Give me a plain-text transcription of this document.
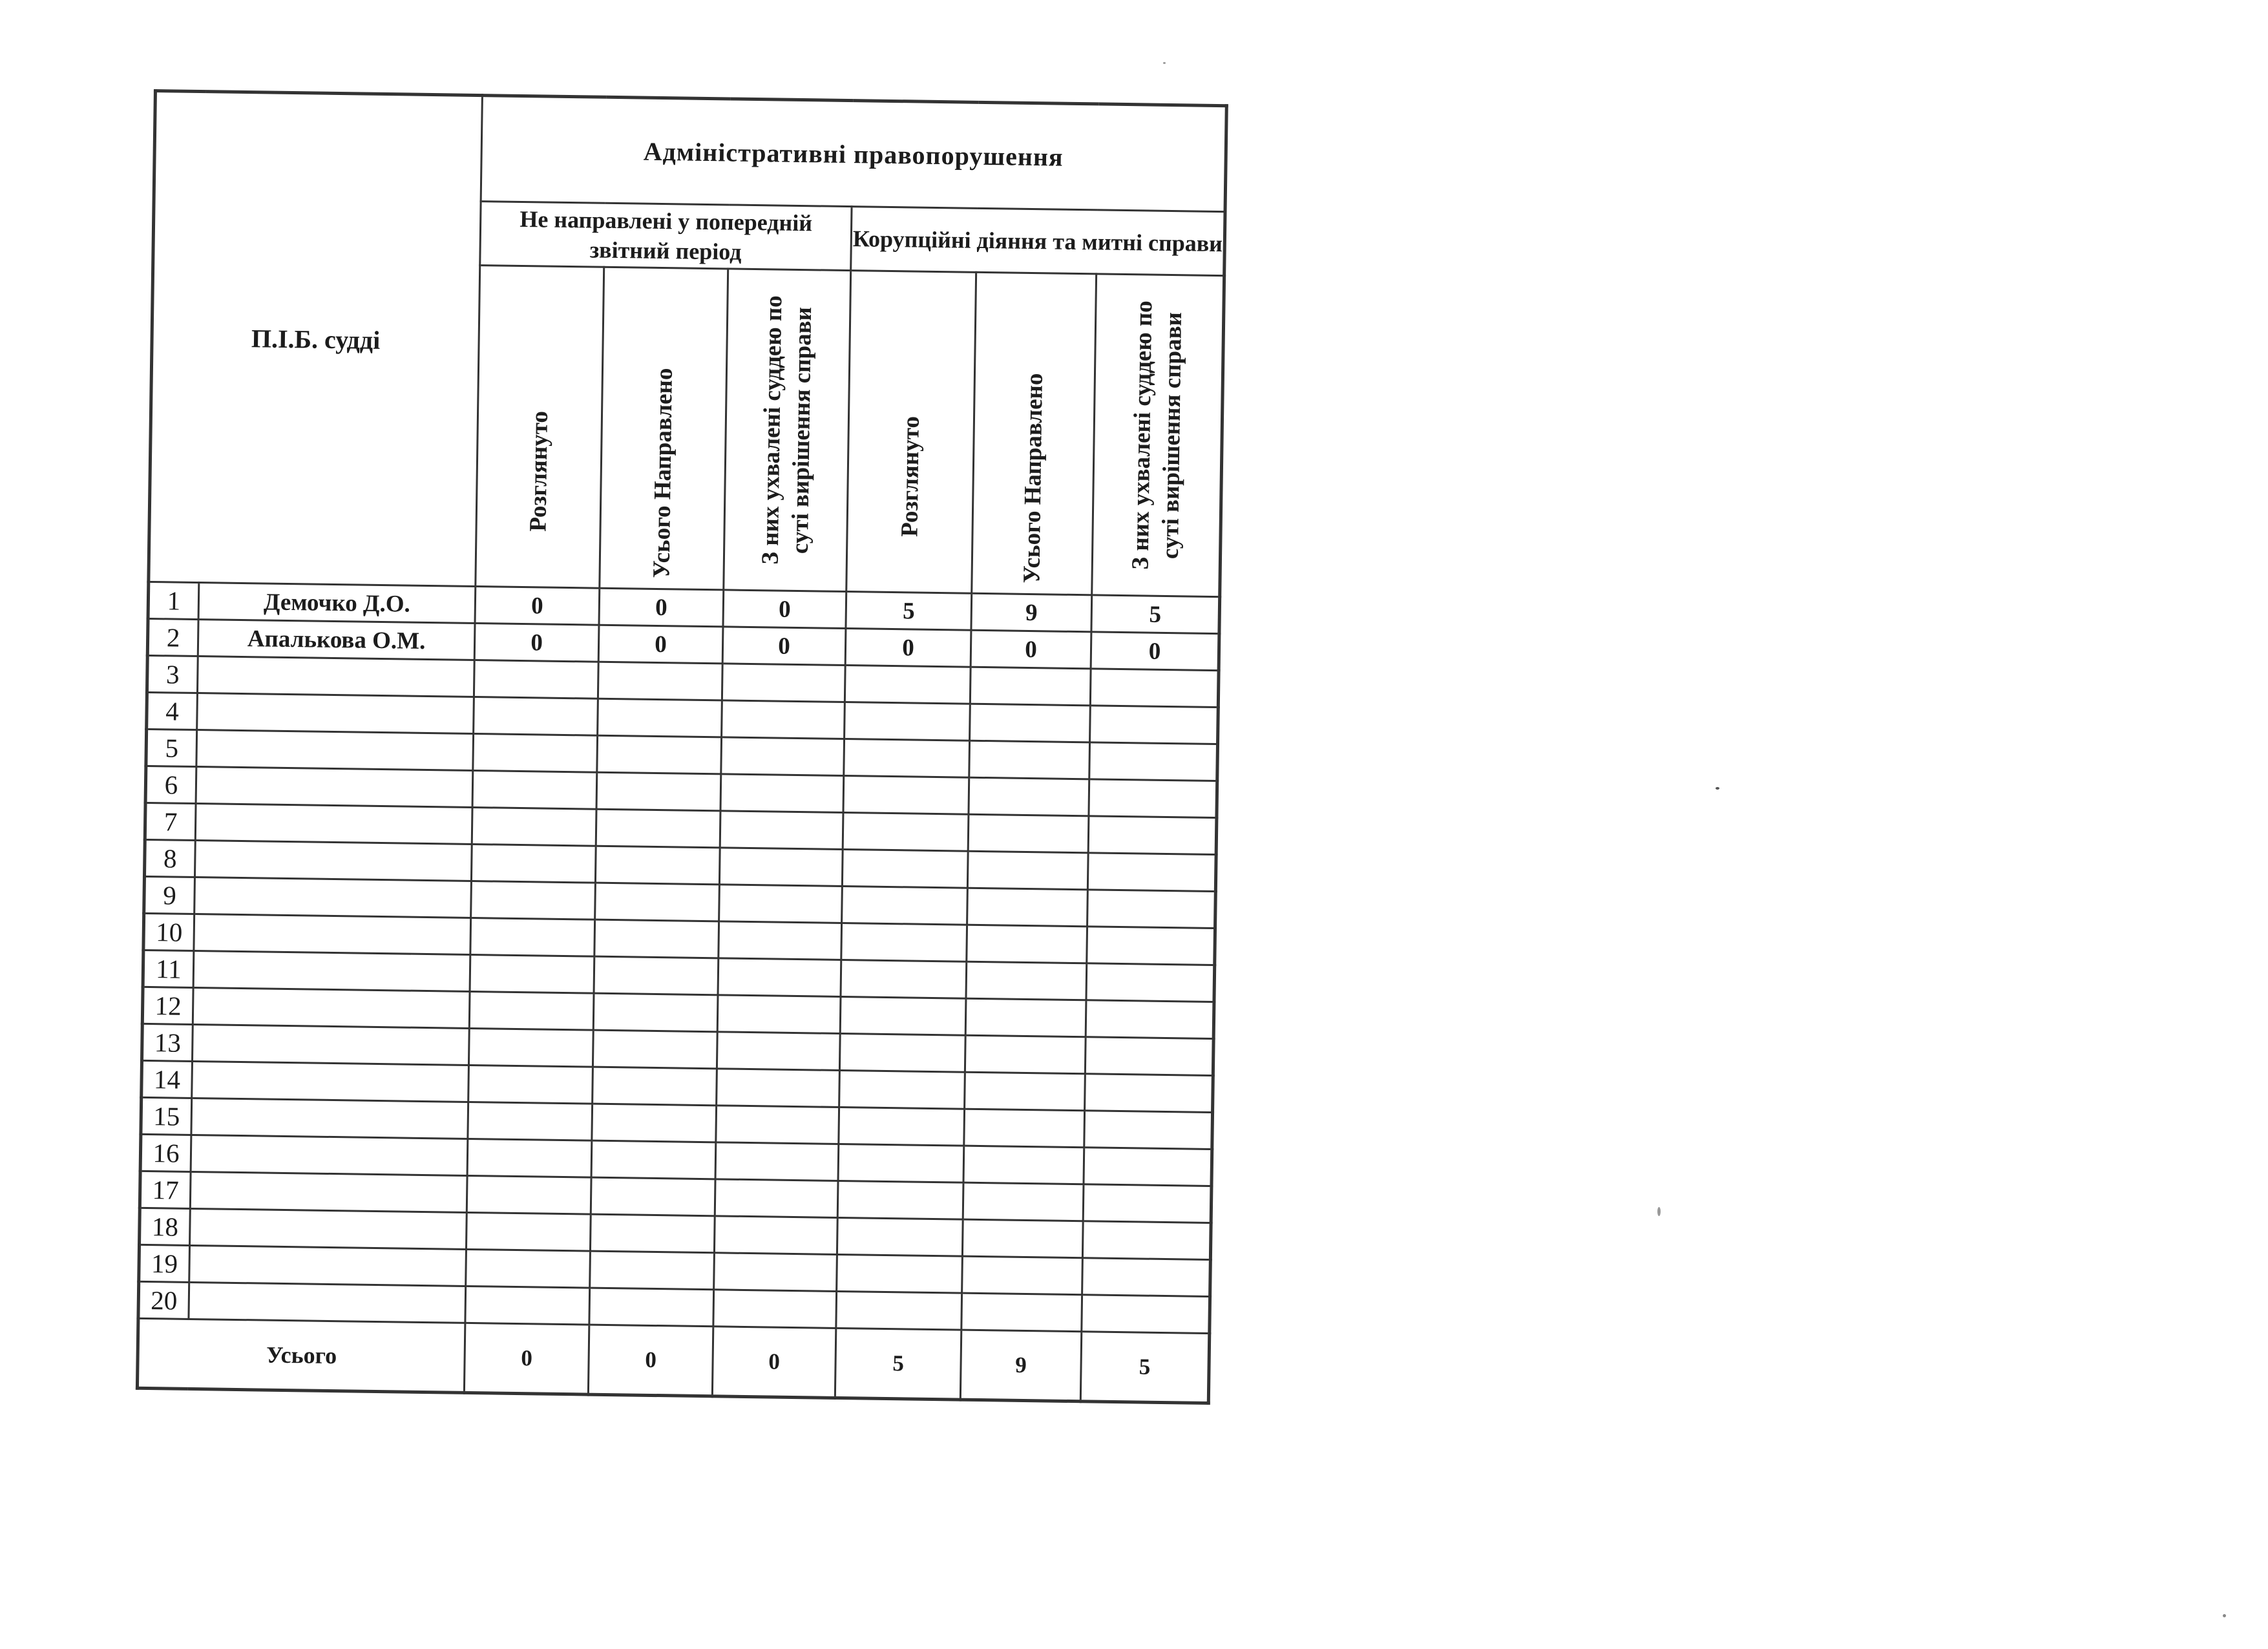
П.І.Б. судді		Адміністративні правопорушення					
		Не направлені у попередній звітний період			Корупційні діяння та митні справи		

		Розглянуто	Усього Направлено	З них ухвалені суддею по суті вирішення справи	Розглянуто	Усього Направлено	З них ухвалені суддею по суті вирішення справи

1	Демочко Д.О.	0	0	0	5	9	5
2	Апалькова О.М.	0	0	0	0	0	0
3							
4							
5							
6							
7							
8							
9							
10							
11							
12							
13							
14							
15							
16							
17							
18							
19							
20							
Усього		0	0	0	5	9	5
